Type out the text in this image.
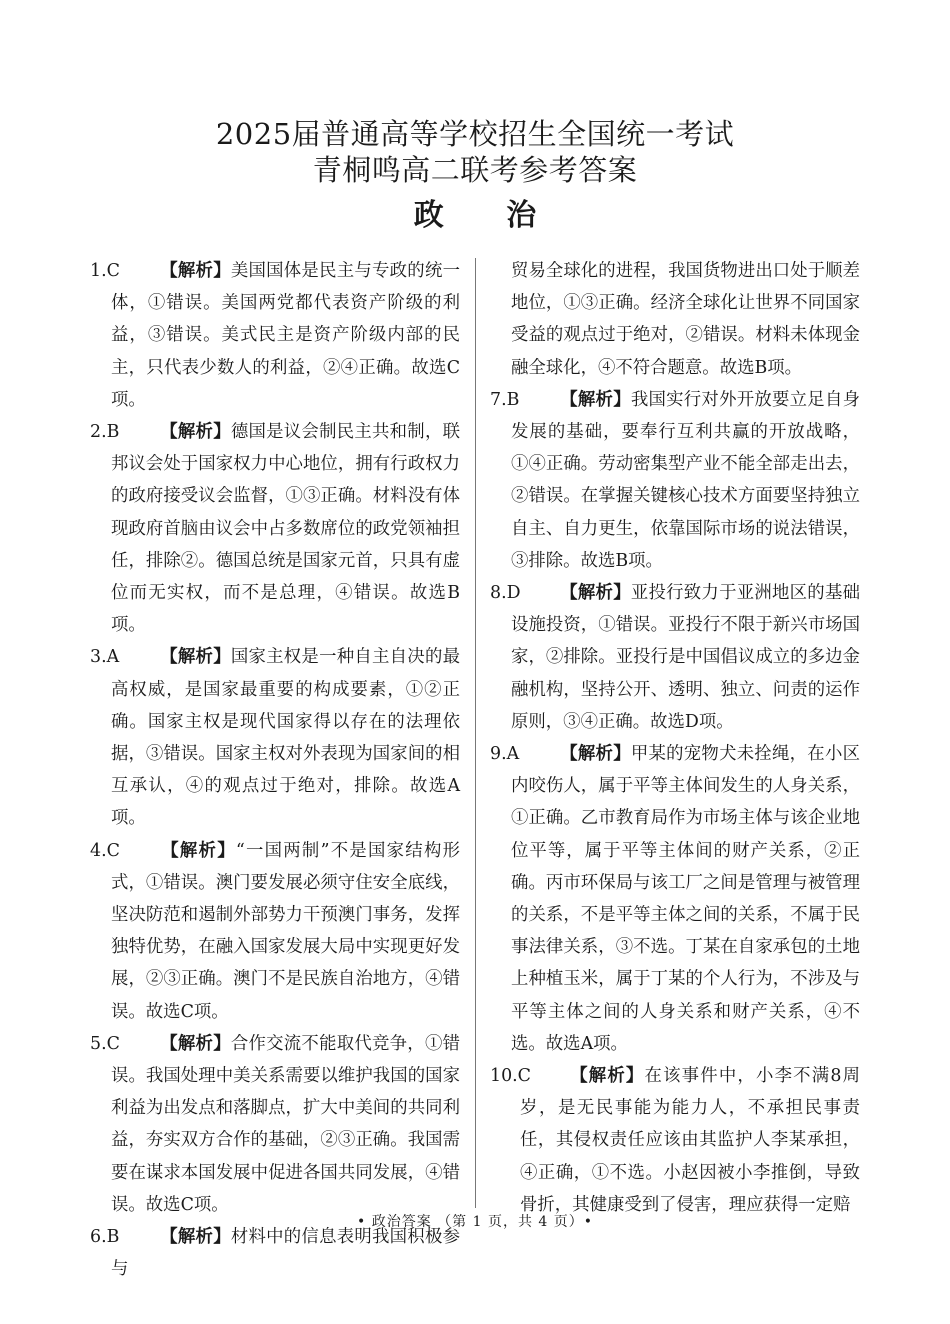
2025届普通高等学校招生全国统一考试
青桐鸣高二联考参考答案
政 治
1.C 【解析】美国国体是民主与专政的统一体，①错误。美国两党都代表资产阶级的利益，③错误。美式民主是资产阶级内部的民主，只代表少数人的利益，②④正确。故选C项。
2.B 【解析】德国是议会制民主共和制，联邦议会处于国家权力中心地位，拥有行政权力的政府接受议会监督，①③正确。材料没有体现政府首脑由议会中占多数席位的政党领袖担任，排除②。德国总统是国家元首，只具有虚位而无实权，而不是总理，④错误。故选B项。
3.A 【解析】国家主权是一种自主自决的最高权威，是国家最重要的构成要素，①②正确。国家主权是现代国家得以存在的法理依据，③错误。国家主权对外表现为国家间的相互承认，④的观点过于绝对，排除。故选A项。
4.C 【解析】“一国两制”不是国家结构形式，①错误。澳门要发展必须守住安全底线，坚决防范和遏制外部势力干预澳门事务，发挥独特优势，在融入国家发展大局中实现更好发展，②③正确。澳门不是民族自治地方，④错误。故选C项。
5.C 【解析】合作交流不能取代竞争，①错误。我国处理中美关系需要以维护我国的国家利益为出发点和落脚点，扩大中美间的共同利益，夯实双方合作的基础，②③正确。我国需要在谋求本国发展中促进各国共同发展，④错误。故选C项。
6.B 【解析】材料中的信息表明我国积极参与
贸易全球化的进程，我国货物进出口处于顺差地位，①③正确。经济全球化让世界不同国家受益的观点过于绝对，②错误。材料未体现金融全球化，④不符合题意。故选B项。
7.B 【解析】我国实行对外开放要立足自身发展的基础，要奉行互利共赢的开放战略，①④正确。劳动密集型产业不能全部走出去，②错误。在掌握关键核心技术方面要坚持独立自主、自力更生，依靠国际市场的说法错误，③排除。故选B项。
8.D 【解析】亚投行致力于亚洲地区的基础设施投资，①错误。亚投行不限于新兴市场国家，②排除。亚投行是中国倡议成立的多边金融机构，坚持公开、透明、独立、问责的运作原则，③④正确。故选D项。
9.A 【解析】甲某的宠物犬未拴绳，在小区内咬伤人，属于平等主体间发生的人身关系，①正确。乙市教育局作为市场主体与该企业地位平等，属于平等主体间的财产关系，②正确。丙市环保局与该工厂之间是管理与被管理的关系，不是平等主体之间的关系，不属于民事法律关系，③不选。丁某在自家承包的土地上种植玉米，属于丁某的个人行为，不涉及与平等主体之间的人身关系和财产关系，④不选。故选A项。
10.C 【解析】在该事件中，小李不满8周岁，是无民事能为能力人，不承担民事责任，其侵权责任应该由其监护人李某承担，④正确，①不选。小赵因被小李推倒，导致骨折，其健康受到了侵害，理应获得一定赔
• 政治答案 （第 1 页，共 4 页）•
